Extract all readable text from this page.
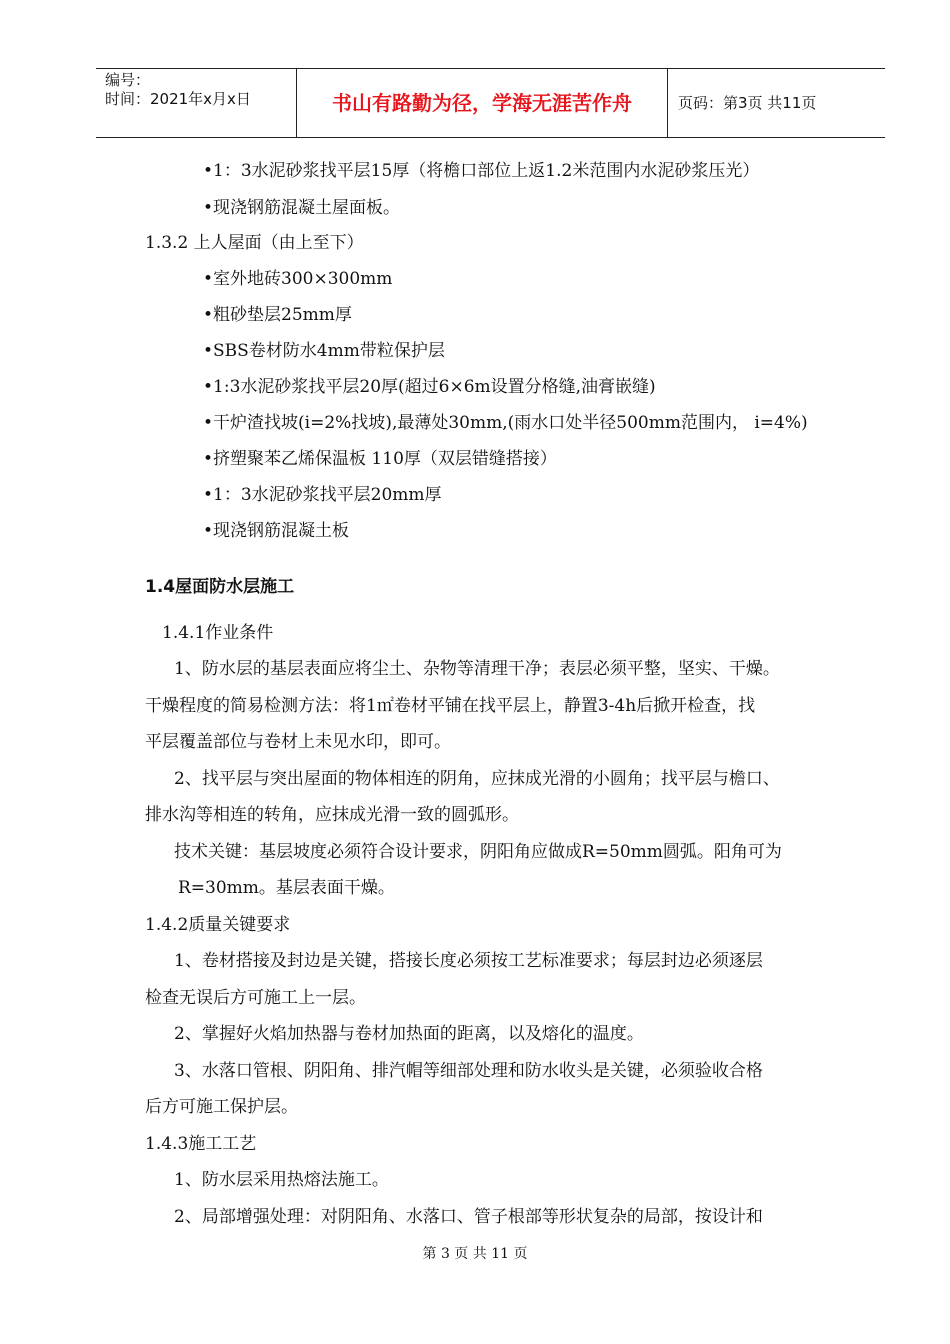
编号：
时间：2021年x月x日	书山有路勤为径，学海无涯苦作舟	页码：第3页 共11页
•1：3水泥砂浆找平层15厚（将檐口部位上返1.2米范围内水泥砂浆压光）
•现浇钢筋混凝土屋面板。
1.3.2 上人屋面（由上至下）
•室外地砖300×300mm
•粗砂垫层25mm厚
•SBS卷材防水4mm带粒保护层
•1:3水泥砂浆找平层20厚(超过6×6m设置分格缝,油膏嵌缝)
•干炉渣找坡(i=2%找坡),最薄处30mm,(雨水口处半径500mm范围内， i=4%)
•挤塑聚苯乙烯保温板 110厚（双层错缝搭接）
•1：3水泥砂浆找平层20mm厚
•现浇钢筋混凝土板
1.4屋面防水层施工
1.4.1作业条件
1、防水层的基层表面应将尘土、杂物等清理干净；表层必须平整，坚实、干燥。
干燥程度的简易检测方法：将1㎡卷材平铺在找平层上，静置3-4h后掀开检查，找
平层覆盖部位与卷材上未见水印，即可。
2、找平层与突出屋面的物体相连的阴角，应抹成光滑的小圆角；找平层与檐口、
排水沟等相连的转角，应抹成光滑一致的圆弧形。
技术关键：基层坡度必须符合设计要求，阴阳角应做成R=50mm圆弧。阳角可为
R=30mm。基层表面干燥。
1.4.2质量关键要求
1、卷材搭接及封边是关键，搭接长度必须按工艺标准要求；每层封边必须逐层
检查无误后方可施工上一层。
2、掌握好火焰加热器与卷材加热面的距离，以及熔化的温度。
3、水落口管根、阴阳角、排汽帽等细部处理和防水收头是关键，必须验收合格
后方可施工保护层。
1.4.3施工工艺
1、防水层采用热熔法施工。
2、局部增强处理：对阴阳角、水落口、管子根部等形状复杂的局部，按设计和
第 3 页 共 11 页
